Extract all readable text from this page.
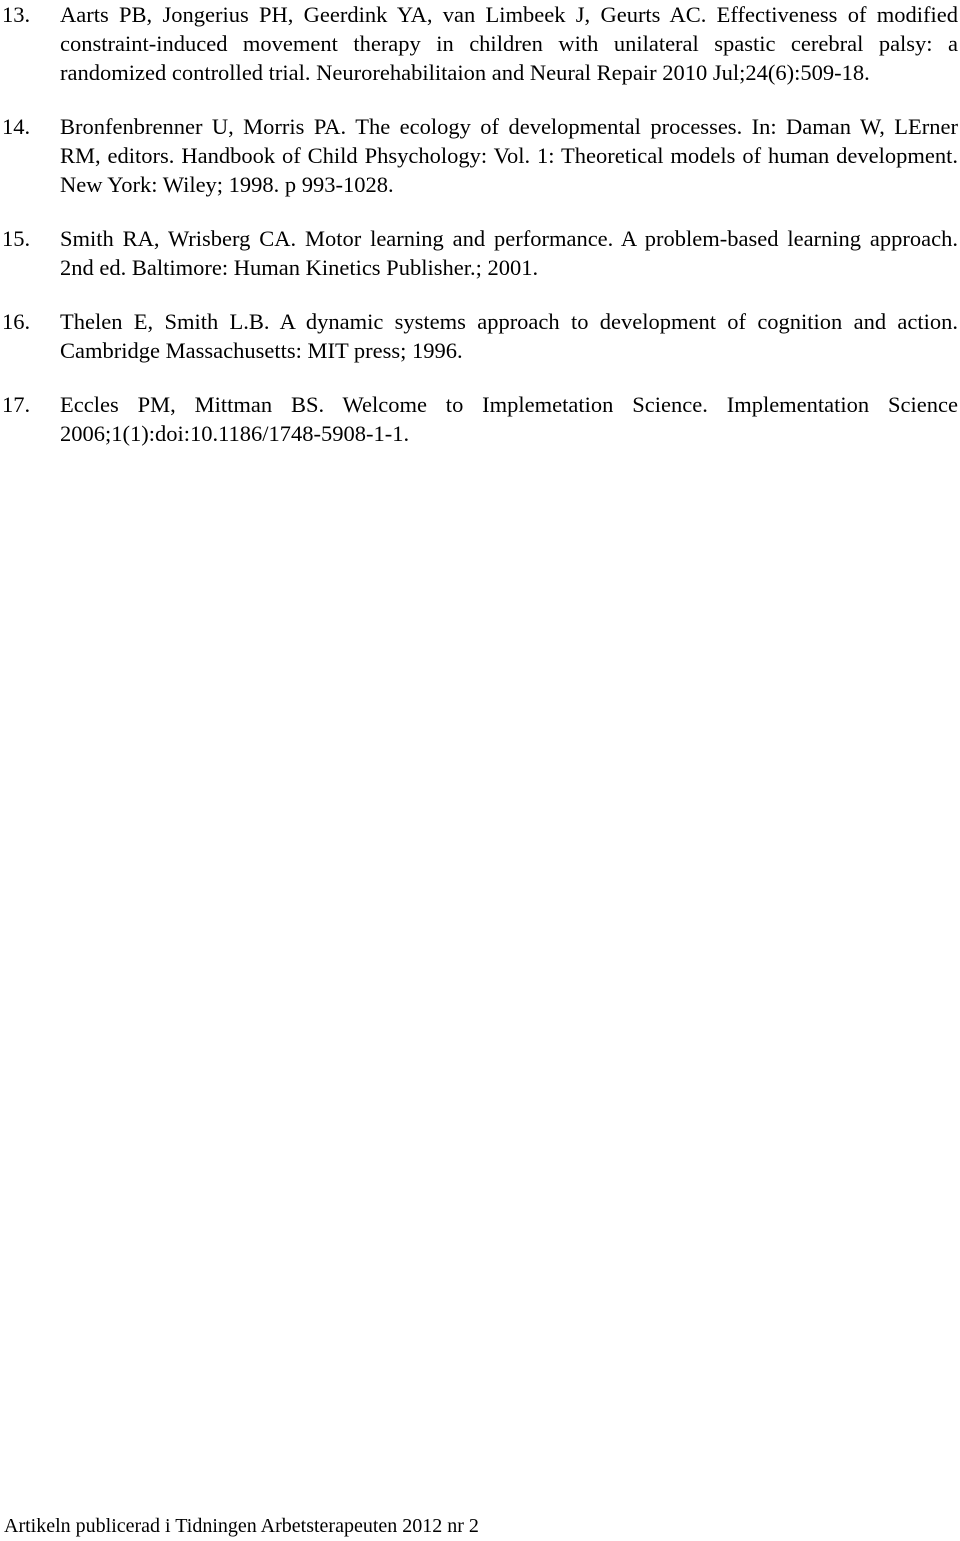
13. Aarts PB, Jongerius PH, Geerdink YA, van Limbeek J, Geurts AC. Effectiveness of modified constraint-induced movement therapy in children with unilateral spastic cerebral palsy: a randomized controlled trial. Neurorehabilitaion and Neural Repair 2010 Jul;24(6):509-18.
14. Bronfenbrenner U, Morris PA. The ecology of developmental processes. In: Daman W, LErner RM, editors. Handbook of Child Phsychology: Vol. 1: Theoretical models of human development. New York: Wiley; 1998. p 993-1028.
15. Smith RA, Wrisberg CA. Motor learning and performance. A problem-based learning approach. 2nd ed. Baltimore: Human Kinetics Publisher.; 2001.
16. Thelen E, Smith L.B. A dynamic systems approach to development of cognition and action. Cambridge Massachusetts: MIT press; 1996.
17. Eccles PM, Mittman BS. Welcome to Implemetation Science. Implementation Science 2006;1(1):doi:10.1186/1748-5908-1-1.
Artikeln publicerad i Tidningen Arbetsterapeuten 2012 nr 2
